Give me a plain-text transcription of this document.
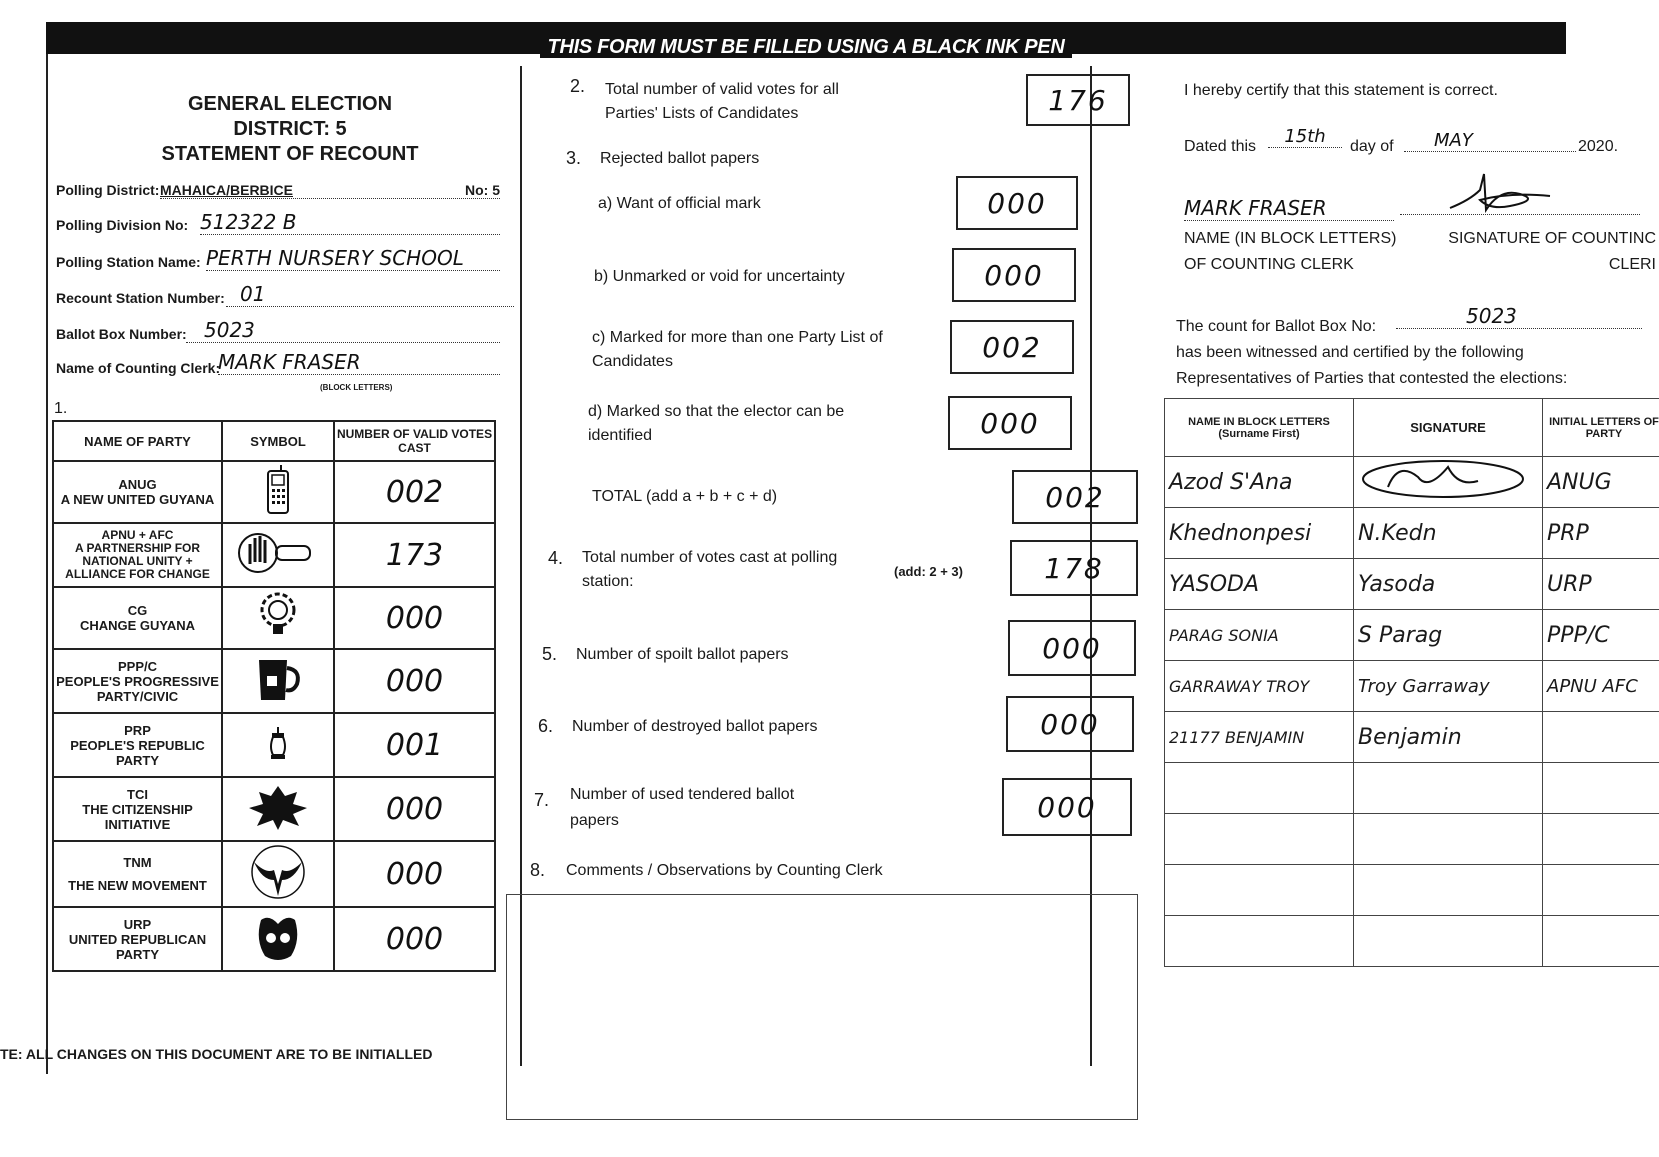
THIS FORM MUST BE FILLED USING A BLACK INK PEN
GENERAL ELECTION
DISTRICT: 5
STATEMENT OF RECOUNT
Polling District: MAHAICA/BERBICE	No: 5
Polling Division No: 512322 B
Polling Station Name: PERTH NURSERY SCHOOL
Recount Station Number: 01
Ballot Box Number: 5023
Name of Counting Clerk:
MARK FRASER
(BLOCK LETTERS)
1.
NAME OF PARTY	SYMBOL	NUMBER OF VALID VOTES CAST

ANUG
A NEW UNITED GUYANA		002

APNU + AFC
A PARTNERSHIP FOR NATIONAL UNITY + ALLIANCE FOR CHANGE		173

CG
CHANGE GUYANA		000

PPP/C
PEOPLE'S PROGRESSIVE PARTY/CIVIC		000

PRP
PEOPLE'S REPUBLIC PARTY		001

TCI
THE CITIZENSHIP INITIATIVE		000

TNM
THE NEW MOVEMENT		000

URP
UNITED REPUBLICAN PARTY		000
TE: ALL CHANGES ON THIS DOCUMENT ARE TO BE INITIALLED
2. Total number of valid votes for all
Parties' Lists of Candidates	176
3. Rejected ballot papers
a) Want of official mark	000
b) Unmarked or void for uncertainty	000
c) Marked for more than one Party List of
Candidates	002
d) Marked so that the elector can be
identified	000
TOTAL (add a + b + c + d)	002
4. Total number of votes cast at polling
station:
(add: 2 + 3)	178
5. Number of spoilt ballot papers	000
6. Number of destroyed ballot papers	000
7. Number of used tendered ballot
papers	000
8. Comments / Observations by Counting Clerk
I hereby certify that this statement is correct.
Dated this	15th	day of	MAY	2020.
MARK FRASER
NAME (IN BLOCK LETTERS)
OF COUNTING CLERK
SIGNATURE OF COUNTINC
CLERI
The count for Ballot Box No:	5023
has been witnessed and certified by the following
Representatives of Parties that contested the elections:
NAME IN BLOCK LETTERS (Surname First)	SIGNATURE	INITIAL LETTERS OF PARTY
Azod S'Ana		ANUG
Khednonpesi	N.Kedn	PRP
YASODA	Yasoda	URP
PARAG SONIA	S Parag	PPP/C
GARRAWAY TROY	Troy Garraway	APNU AFC
21177 BENJAMIN	Benjamin	
